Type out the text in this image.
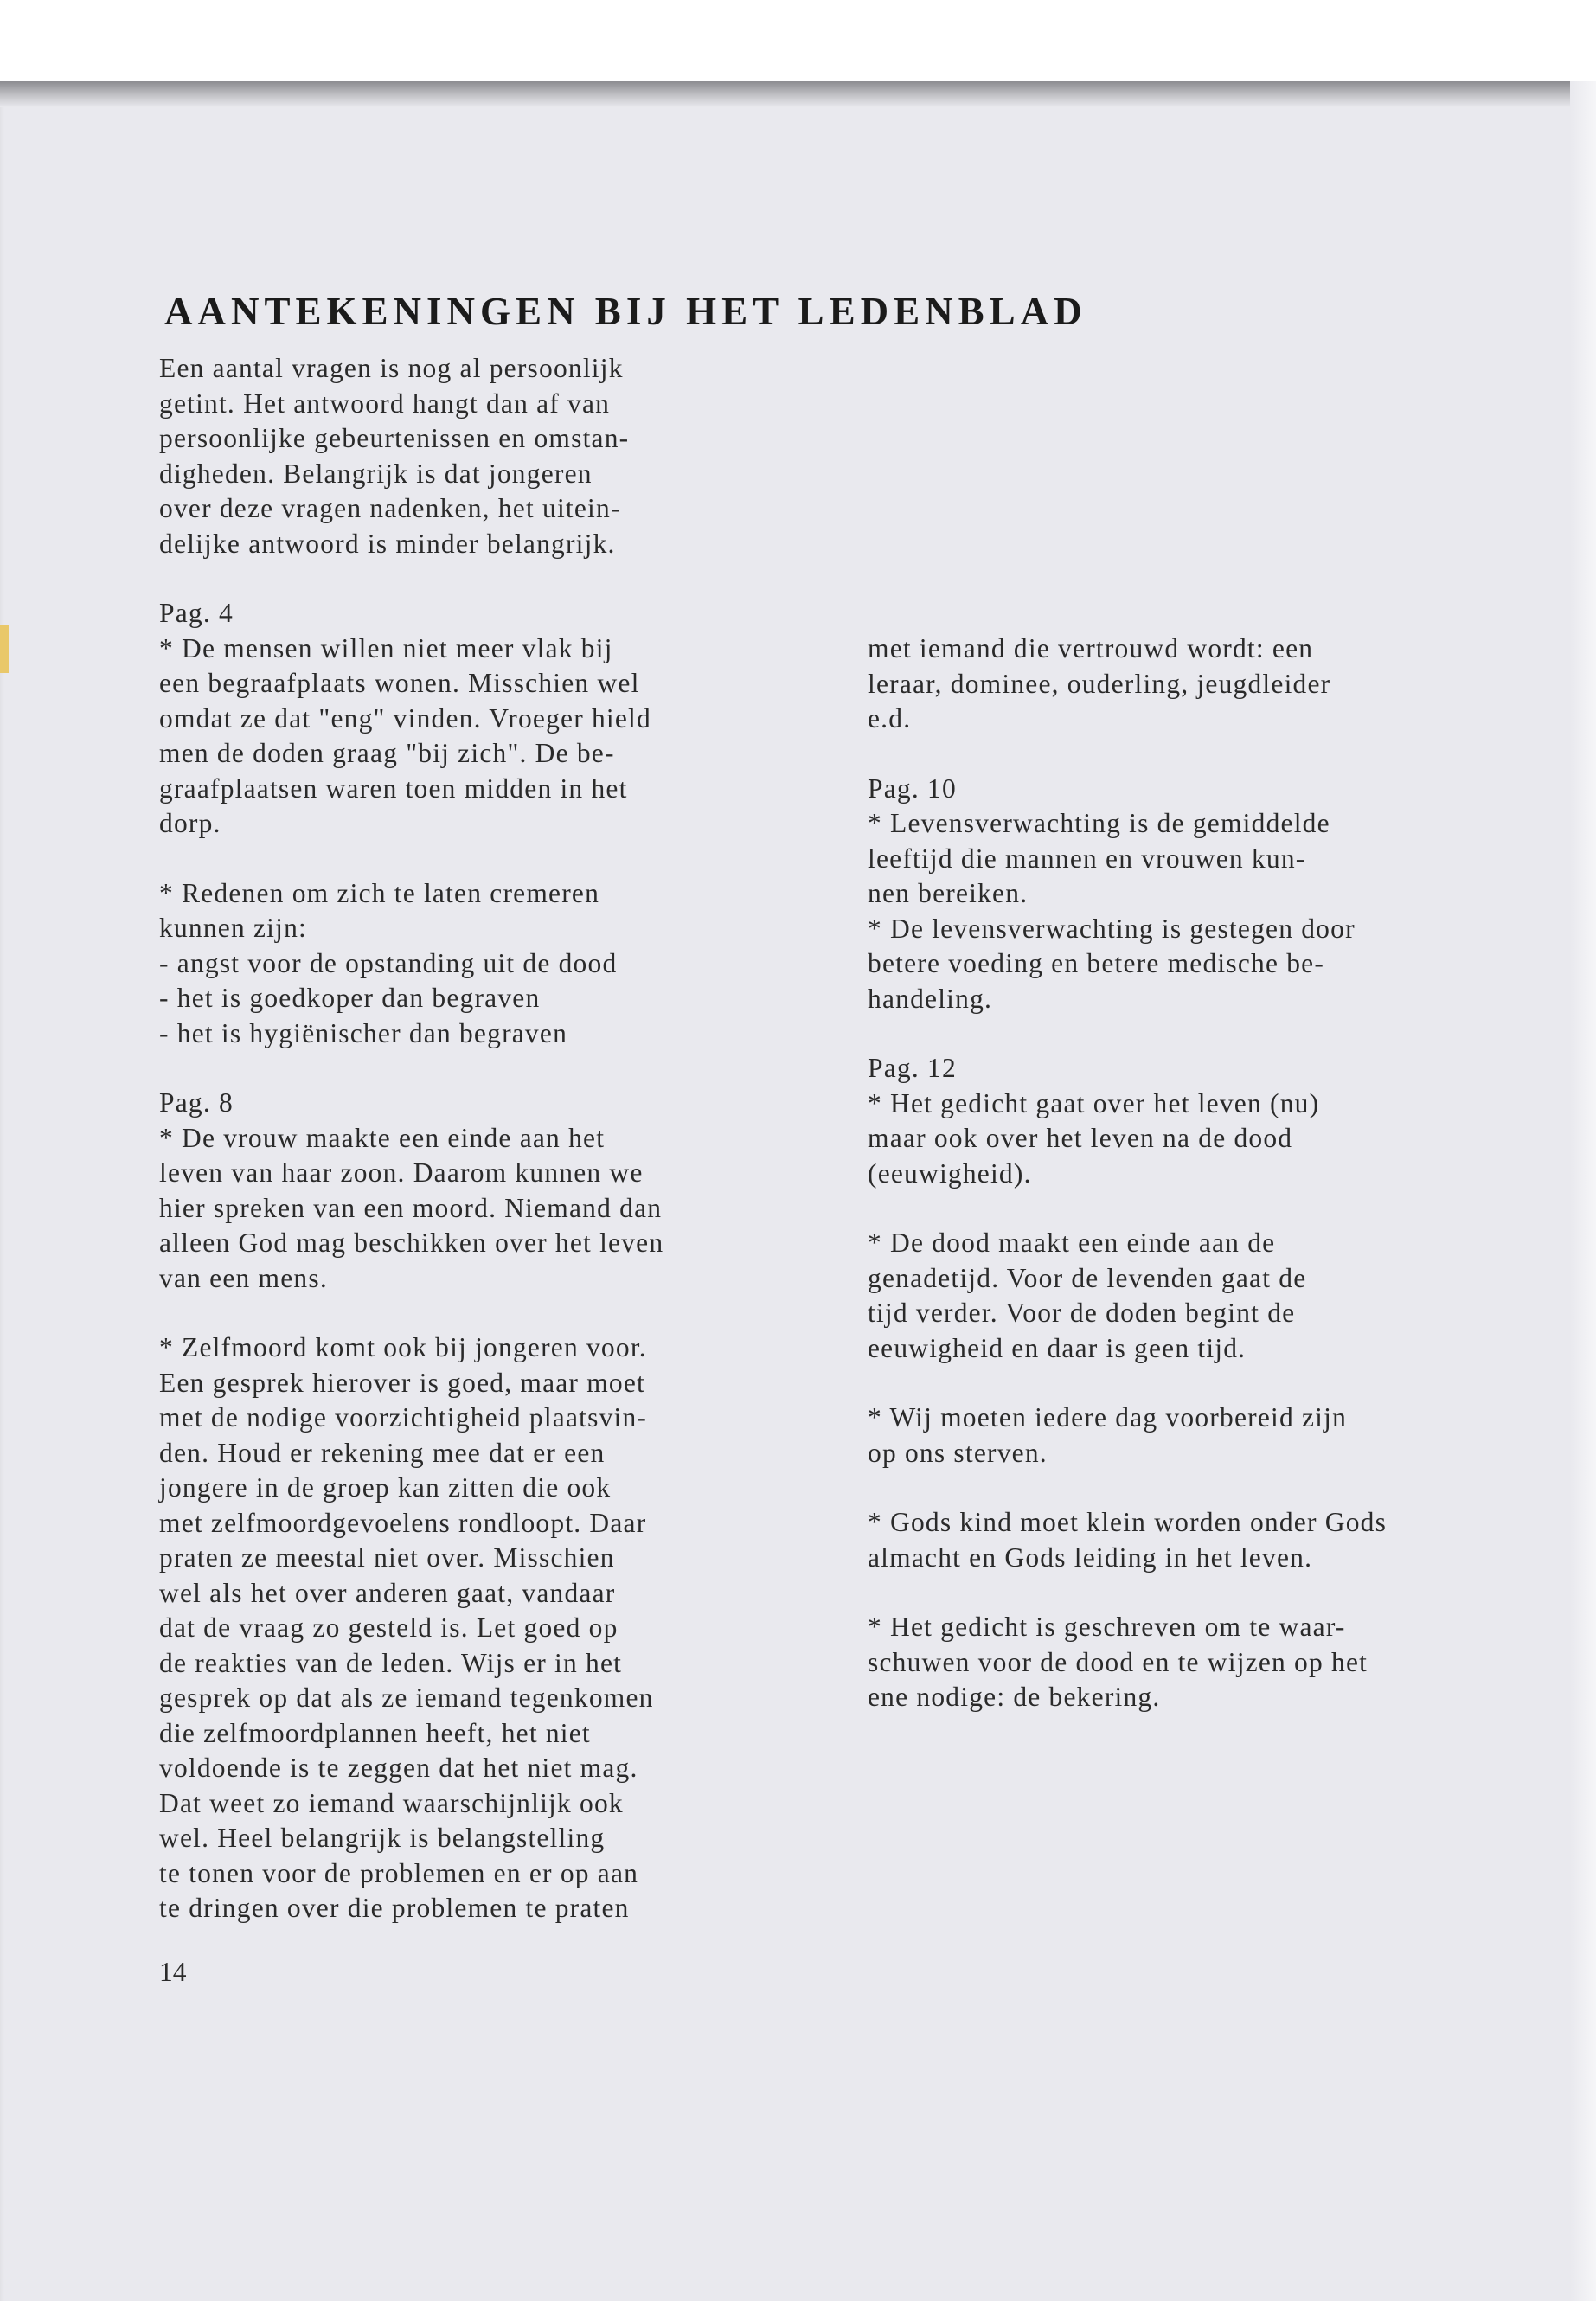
AANTEKENINGEN BIJ HET LEDENBLAD
Een aantal vragen is nog al persoonlijk
getint. Het antwoord hangt dan af van
persoonlijke gebeurtenissen en omstan-
digheden. Belangrijk is dat jongeren
over deze vragen nadenken, het uitein-
delijke antwoord is minder belangrijk.
Pag. 4
* De mensen willen niet meer vlak bij
een begraafplaats wonen. Misschien wel
omdat ze dat "eng" vinden. Vroeger hield
men de doden graag "bij zich". De be-
graafplaatsen waren toen midden in het
dorp.
* Redenen om zich te laten cremeren
kunnen zijn:
- angst voor de opstanding uit de dood
- het is goedkoper dan begraven
- het is hygiënischer dan begraven
Pag. 8
* De vrouw maakte een einde aan het
leven van haar zoon. Daarom kunnen we
hier spreken van een moord. Niemand dan
alleen God mag beschikken over het leven
van een mens.
* Zelfmoord komt ook bij jongeren voor.
Een gesprek hierover is goed, maar moet
met de nodige voorzichtigheid plaatsvin-
den. Houd er rekening mee dat er een
jongere in de groep kan zitten die ook
met zelfmoordgevoelens rondloopt. Daar
praten ze meestal niet over. Misschien
wel als het over anderen gaat, vandaar
dat de vraag zo gesteld is. Let goed op
de reakties van de leden. Wijs er in het
gesprek op dat als ze iemand tegenkomen
die zelfmoordplannen heeft, het niet
voldoende is te zeggen dat het niet mag.
Dat weet zo iemand waarschijnlijk ook
wel. Heel belangrijk is belangstelling
te tonen voor de problemen en er op aan
te dringen over die problemen te praten
met iemand die vertrouwd wordt: een
leraar, dominee, ouderling, jeugdleider
e.d.
Pag. 10
* Levensverwachting is de gemiddelde
leeftijd die mannen en vrouwen kun-
nen bereiken.
* De levensverwachting is gestegen door
betere voeding en betere medische be-
handeling.
Pag. 12
* Het gedicht gaat over het leven (nu)
maar ook over het leven na de dood
(eeuwigheid).
* De dood maakt een einde aan de
genadetijd. Voor de levenden gaat de
tijd verder. Voor de doden begint de
eeuwigheid en daar is geen tijd.
* Wij moeten iedere dag voorbereid zijn
op ons sterven.
* Gods kind moet klein worden onder Gods
almacht en Gods leiding in het leven.
* Het gedicht is geschreven om te waar-
schuwen voor de dood en te wijzen op het
ene nodige: de bekering.
14
